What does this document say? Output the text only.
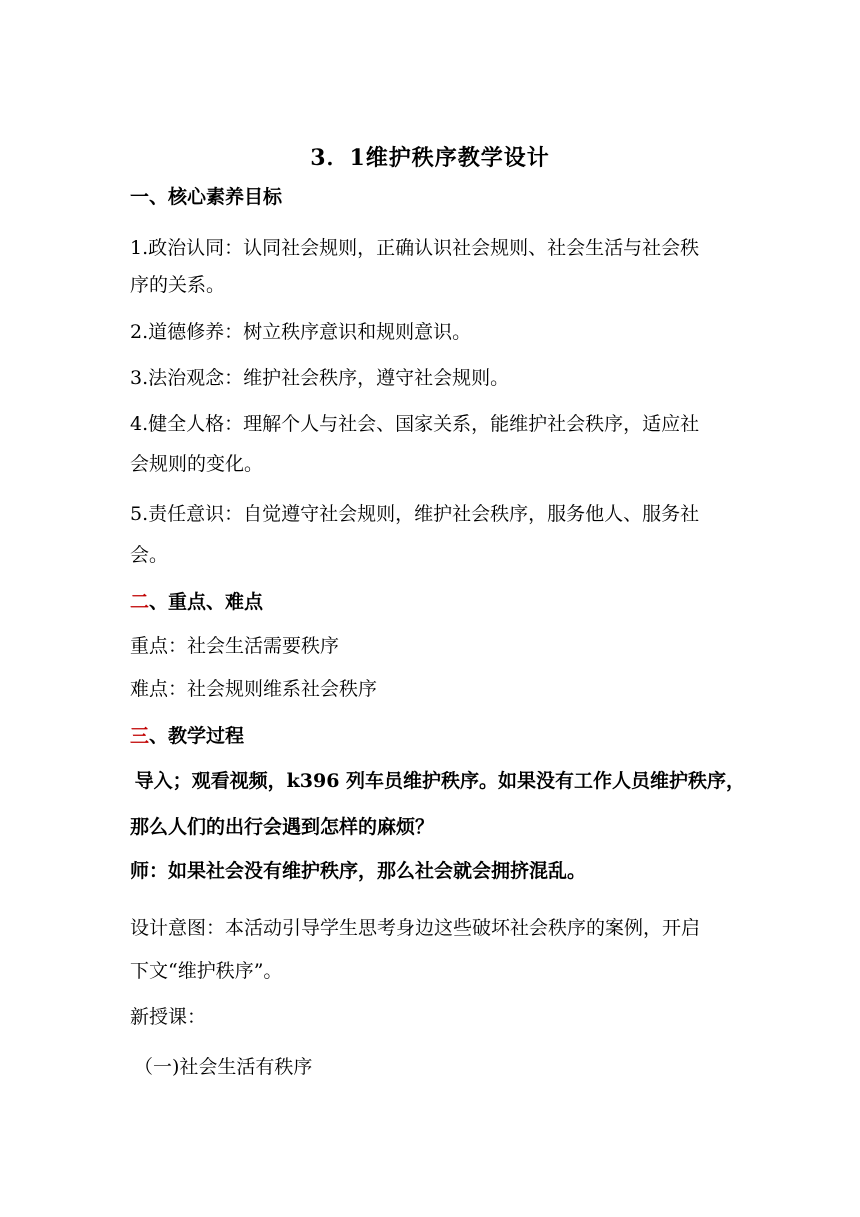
3．1维护秩序教学设计
一、核心素养目标
1.政治认同：认同社会规则，正确认识社会规则、社会生活与社会秩
序的关系。
2.道德修养：树立秩序意识和规则意识。
3.法治观念：维护社会秩序，遵守社会规则。
4.健全人格：理解个人与社会、国家关系，能维护社会秩序，适应社
会规则的变化。
5.责任意识：自觉遵守社会规则，维护社会秩序，服务他人、服务社
会。
二、重点、难点
重点：社会生活需要秩序
难点：社会规则维系社会秩序
三、教学过程
导入；观看视频，k396 列车员维护秩序。如果没有工作人员维护秩序，
那么人们的出行会遇到怎样的麻烦？
师：如果社会没有维护秩序，那么社会就会拥挤混乱。
设计意图：本活动引导学生思考身边这些破坏社会秩序的案例，开启
下文“维护秩序”。
新授课：
（一)社会生活有秩序
